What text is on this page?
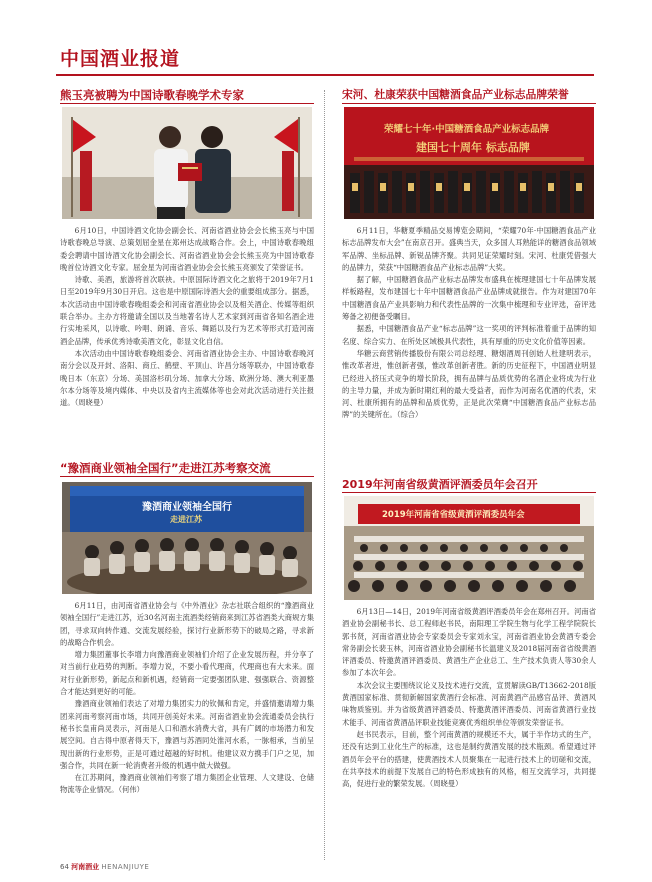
中国酒业报道
熊玉亮被聘为中国诗歌春晚学术专家

6月10日，中国诗酒文化协会副会长、河南省酒业协会会长熊玉亮与中国诗歌春晚总导演、总策划屈金星在郑州达成战略合作。会上，中国诗歌春晚组委会聘请中国诗酒文化协会副会长、河南省酒业协会会长熊玉亮为中国诗歌春晚首位诗酒文化专家。屈金星为河南省酒业协会会长熊玉亮颁发了荣誉证书。

诗歌、美酒，旅游将首次联袂。中原国际诗酒文化之旅将于2019年7月1日至2019年9月30日开启。这也是中原国际诗酒大会的重要组成部分。据悉，本次活动由中国诗歌春晚组委会和河南省酒业协会以及相关酒企、传媒等组织联合举办。主办方将邀请全国以及当地著名诗人艺术家到河南省各知名酒企进行实地采风，以诗歌、吟唱、朗诵、音乐、舞蹈以及行为艺术等形式打造河南酒企品牌，传承优秀诗歌美酒文化，彰显文化自信。

本次活动由中国诗歌春晚组委会、河南省酒业协会主办、中国诗歌春晚河南分会以及开封、洛阳、商丘、鹤壁、平顶山、许昌分场等联办，中国诗歌春晚日本（东京）分场、美国洛杉矶分场、加拿大分场、欧洲分场、澳大利亚墨尔本分场等及境内媒体、中央以及省内主流媒体等也会对此次活动进行关注报道。（周晓曼）

“豫酒商业领袖全国行”走进江苏考察交流
豫酒商业领袖全国行
走进江苏

6月11日，由河南省酒业协会与《中外酒业》杂志社联合组织的“豫酒商业领袖全国行”走进江苏，近30名河南主流酒类经销商来到江苏省酒类大商规方集团，寻求双向转作通、交流发展经验，探讨行业新形势下的破局之路，寻求新的战略合作机会。

增力集团董事长李增力向豫酒商业领袖们介绍了企业发展历程，并分享了对当前行业趋势的判断。李增力说，不要小看代理商，代理商也有大未来。面对行业新形势，新起点和新机遇，经销商一定要强团队建、强强联合、资源整合才能达到更好的可能。

豫酒商业领袖们表达了对增力集团实力的钦佩和肯定，并盛情邀请增力集团来河南考察河南市场，共同开创美好未来。河南省酒业协会流通委员会执行秘书长皇甫尚灵表示，河南是人口和酒水消费大省，具有广阔的市场潜力和发展空间。自古得中原者得天下，豫酒与苏酒同处淮河水系，一脉相承，当前呈现出新的行业形势，正是可通过超越的好时机。他建议双方携手门户之见，加强合作，共同在新一轮消费者升级的机遇中做大做强。

在江苏期间，豫酒商业领袖们考察了增力集团企业管理、人文建设、仓储物流等企业情况。（何伟）

宋河、杜康荣获中国糖酒食品产业标志品牌荣誉
荣耀七十年·中国糖酒食品产业标志品牌
建国七十周年 标志品牌

6月11日，华糖夏季精品交易博览会期间，“荣耀70年·中国糖酒食品产业标志品牌发布大会”在南京召开。盛典当天，众多国人耳熟能详的糖酒食品领域军品牌、坐标品牌、新锐品牌齐聚。共同见证荣耀时刻。宋河、杜康凭借强大的品牌力，荣获“中国糖酒食品产业标志品牌”大奖。

据了解，中国糖酒食品产业标志品牌发布盛典在梳理建国七十年品牌发展样板路程，发布建国七十年中国糖酒食品产业品牌成就报告。作为对建国70年中国糖酒食品产业具影响力和代表性品牌的一次集中梳理和专业评选，奋评选筹备之初便备受瞩目。

据悉，中国糖酒食品产业“标志品牌”这一奖项的评判标准着重于品牌的知名度、综合实力、在所处区域极具代表性，具有厚重的历史文化价值等因素。

华糖云商营销传播股份有限公司总经理、糖烟酒周刊创始人杜建明表示，惟改革者进，惟创新者强，惟改革创新者胜。新的历史征程下，中国酒业明显已经进入挤压式竞争的增长阶段，拥有品牌与品质优势的名酒企业将成为行业的主导力量，并成为新时期红利的最大受益者，而作为河南名优酒的代表，宋河、杜康所拥有的品牌和品质优势，正是此次荣膺“中国糖酒食品产业标志品牌”的关键所在。（综合）

2019年河南省级黄酒评酒委员年会召开
2019年河南省省级黄酒评酒委员年会

6月13日—14日，2019年河南省级黄酒评酒委员年会在郑州召开。河南省酒业协会副秘书长、总工程师赵书民，南阳理工学院生物与化学工程学院院长郭书贤，河南省酒业协会专家委员会专家刘永宝，河南省酒业协会黄酒专委会常务副会长裴玉林，河南省酒业协会副秘书长温建义及2018届河南省省级黄酒评酒委员、特邀黄酒评酒委员、黄酒生产企业总工、生产技术负责人等30余人参加了本次年会。

本次会议主要围绕议论义及技术进行交流，宣贯解读GB/T13662-2018版黄酒国家标准、贯彻新解国家黄酒行会标准、河南黄酒产品感官品评、黄酒风味物质鉴别。并为省级黄酒评酒委员、特邀黄酒评酒委员、河南省黄酒行业技术能手、河南省黄酒品评职业技能竞赛优秀组织单位等颁发荣誉证书。

赵书民表示，目前，整个河南黄酒的规模还不大，属于半作坊式的生产，还没有达到工业化生产的标准，这也是制约黄酒发展的技术瓶颈。希望通过评酒员年会平台的搭建，使黄酒技术人员聚集在一起进行技术上的切磋和交流，在共享技术的前提下发展自己的特色形成独有的风格，相互交流学习，共同提高，促进行业的繁荣发展。（周晓曼）

64 河南酒业 HENANJIUYE
